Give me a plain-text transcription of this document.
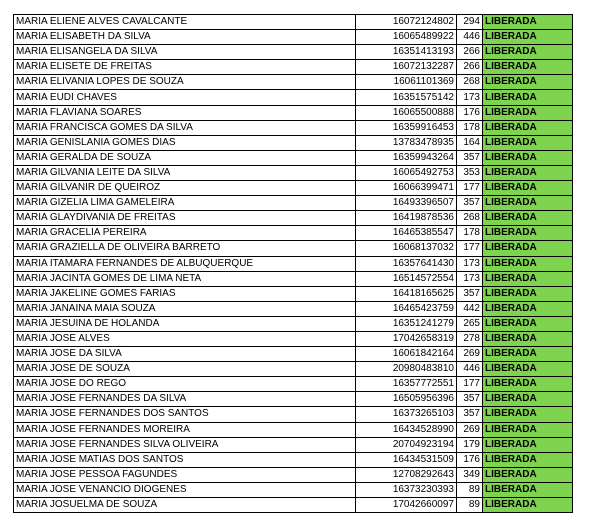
MARIA ELIENE ALVES CAVALCANTE	16072124802	294	LIBERADA
MARIA ELISABETH DA SILVA	16065489922	446	LIBERADA
MARIA ELISANGELA DA SILVA	16351413193	266	LIBERADA
MARIA ELISETE DE FREITAS	16072132287	266	LIBERADA
MARIA ELIVANIA LOPES DE SOUZA	16061101369	268	LIBERADA
MARIA EUDI CHAVES	16351575142	173	LIBERADA
MARIA FLAVIANA SOARES	16065500888	176	LIBERADA
MARIA FRANCISCA GOMES DA SILVA	16359916453	178	LIBERADA
MARIA GENISLANIA GOMES DIAS	13783478935	164	LIBERADA
MARIA GERALDA DE SOUZA	16359943264	357	LIBERADA
MARIA GILVANIA LEITE DA SILVA	16065492753	353	LIBERADA
MARIA GILVANIR DE QUEIROZ	16066399471	177	LIBERADA
MARIA GIZELIA LIMA GAMELEIRA	16493396507	357	LIBERADA
MARIA GLAYDIVANIA DE FREITAS	16419878536	268	LIBERADA
MARIA GRACELIA PEREIRA	16465385547	178	LIBERADA
MARIA GRAZIELLA DE OLIVEIRA BARRETO	16068137032	177	LIBERADA
MARIA ITAMARA FERNANDES DE ALBUQUERQUE	16357641430	173	LIBERADA
MARIA JACINTA GOMES DE LIMA NETA	16514572554	173	LIBERADA
MARIA JAKELINE GOMES FARIAS	16418165625	357	LIBERADA
MARIA JANAINA MAIA SOUZA	16465423759	442	LIBERADA
MARIA JESUINA DE HOLANDA	16351241279	265	LIBERADA
MARIA JOSE ALVES	17042658319	278	LIBERADA
MARIA JOSE DA SILVA	16061842164	269	LIBERADA
MARIA JOSE DE SOUZA	20980483810	446	LIBERADA
MARIA JOSE DO REGO	16357772551	177	LIBERADA
MARIA JOSE FERNANDES DA SILVA	16505956396	357	LIBERADA
MARIA JOSE FERNANDES DOS SANTOS	16373265103	357	LIBERADA
MARIA JOSE FERNANDES MOREIRA	16434528990	269	LIBERADA
MARIA JOSE FERNANDES SILVA OLIVEIRA	20704923194	179	LIBERADA
MARIA JOSE MATIAS DOS SANTOS	16434531509	176	LIBERADA
MARIA JOSE PESSOA FAGUNDES	12708292643	349	LIBERADA
MARIA JOSE VENANCIO DIOGENES	16373230393	89	LIBERADA
MARIA JOSUELMA DE SOUZA	17042660097	89	LIBERADA
